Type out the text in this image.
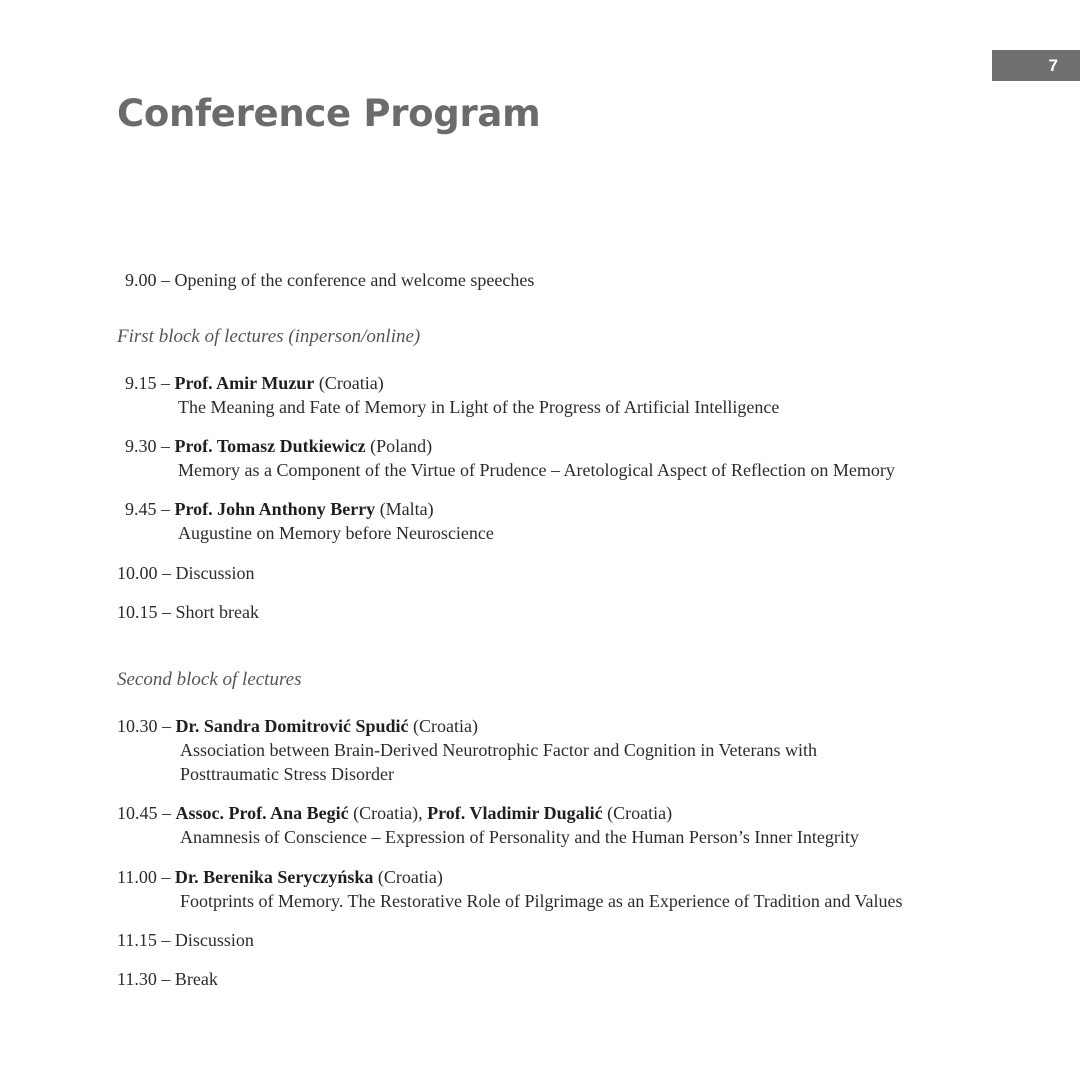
7
Conference Program
9.00 – Opening of the conference and welcome speeches
First block of lectures (inperson/online)
9.15 – Prof. Amir Muzur (Croatia)
The Meaning and Fate of Memory in Light of the Progress of Artificial Intelligence
9.30 – Prof. Tomasz Dutkiewicz (Poland)
Memory as a Component of the Virtue of Prudence – Aretological Aspect of Reflection on Memory
9.45 – Prof. John Anthony Berry (Malta)
Augustine on Memory before Neuroscience
10.00 – Discussion
10.15 – Short break
Second block of lectures
10.30 – Dr. Sandra Domitrović Spudić (Croatia)
Association between Brain-Derived Neurotrophic Factor and Cognition in Veterans with
Posttraumatic Stress Disorder
10.45 – Assoc. Prof. Ana Begić (Croatia), Prof. Vladimir Dugalić (Croatia)
Anamnesis of Conscience – Expression of Personality and the Human Person’s Inner Integrity
11.00 – Dr. Berenika Seryczyńska (Croatia)
Footprints of Memory. The Restorative Role of Pilgrimage as an Experience of Tradition and Values
11.15 – Discussion
11.30 – Break
